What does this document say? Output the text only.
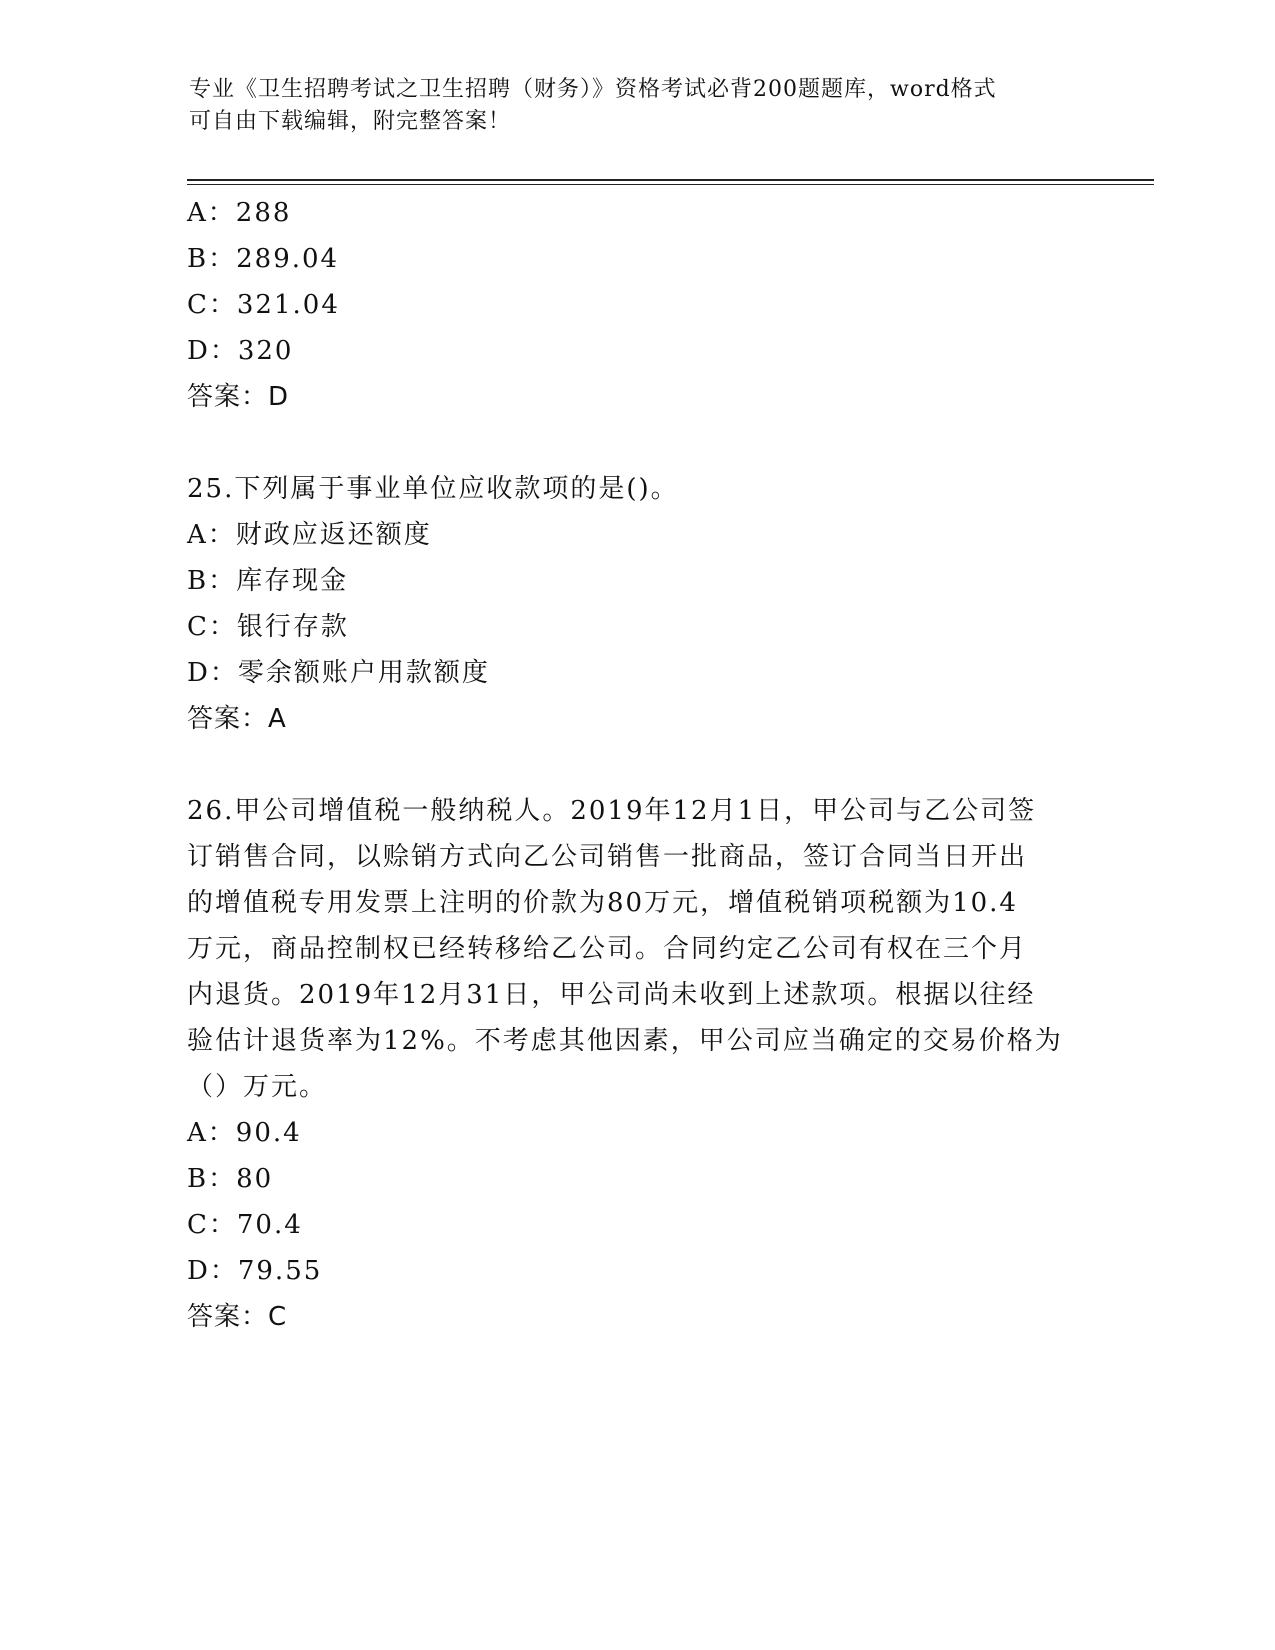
专业《卫生招聘考试之卫生招聘（财务）》资格考试必背200题题库，word格式
可自由下载编辑，附完整答案！
A：288
B：289.04
C：321.04
D：320
答案：D
25.下列属于事业单位应收款项的是()。
A：财政应返还额度
B：库存现金
C：银行存款
D：零余额账户用款额度
答案：A
26.甲公司增值税一般纳税人。2019年12月1日，甲公司与乙公司签
订销售合同，以赊销方式向乙公司销售一批商品，签订合同当日开出
的增值税专用发票上注明的价款为80万元，增值税销项税额为10.4
万元，商品控制权已经转移给乙公司。合同约定乙公司有权在三个月
内退货。2019年12月31日，甲公司尚未收到上述款项。根据以往经
验估计退货率为12%。不考虑其他因素，甲公司应当确定的交易价格为
（）万元。
A：90.4
B：80
C：70.4
D：79.55
答案：C
